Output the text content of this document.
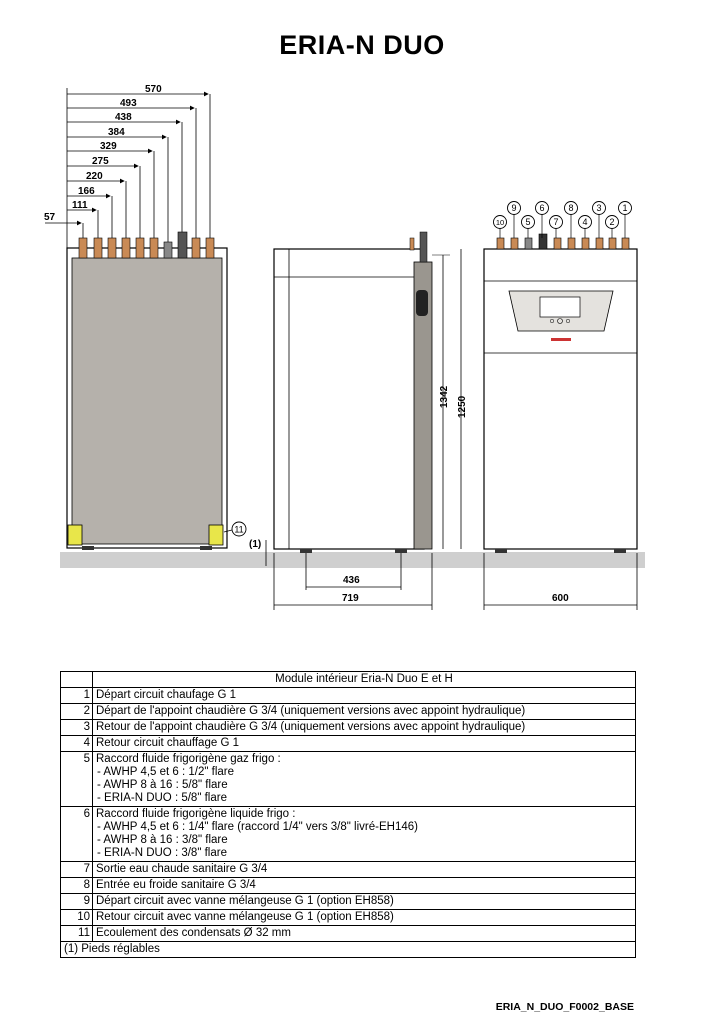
ERIA-N DUO
570
493
438
384
329
275
220
166
111
57
11
(1)
1342 1250
436
719	600
10
9
5
6
7
8
4
3
2
1
	Module intérieur Eria-N Duo E et H
1	Départ circuit chaufage G 1
2	Départ de l'appoint chaudière G 3/4 (uniquement versions avec appoint hydraulique)
3	Retour de l'appoint chaudière G 3/4 (uniquement versions avec appoint hydraulique)
4	Retour circuit chauffage G 1
5	Raccord fluide frigorigène gaz frigo :
- AWHP 4,5 et 6 : 1/2" flare
- AWHP 8 à 16 : 5/8" flare
- ERIA-N DUO : 5/8" flare

6	Raccord fluide frigorigène liquide frigo :
- AWHP 4,5 et 6 : 1/4" flare (raccord 1/4" vers 3/8" livré-EH146)
- AWHP 8 à 16 : 3/8" flare
- ERIA-N DUO : 3/8" flare

7	Sortie eau chaude sanitaire G 3/4
8	Entrée eu froide sanitaire G 3/4
9	Départ circuit avec vanne mélangeuse G 1 (option EH858)
10	Retour circuit avec vanne mélangeuse G 1 (option EH858)
11	Ecoulement des condensats Ø 32 mm
(1) Pieds réglables	
ERIA_N_DUO_F0002_BASE
